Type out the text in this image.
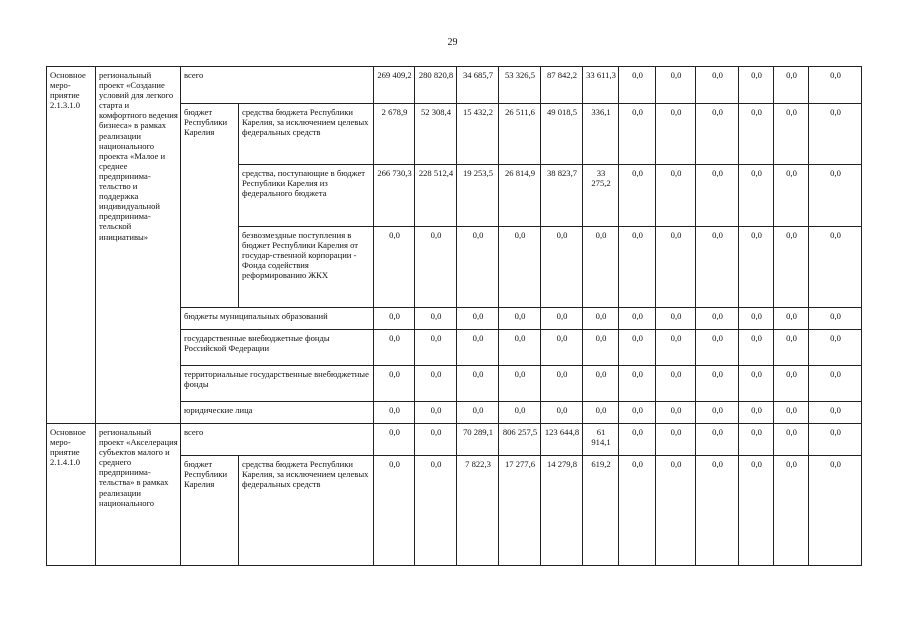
29
Основное меро-приятие 2.1.3.1.0	региональный проект «Создание условий для легкого старта и комфортного ведения бизнеса» в рамках реализации национального проекта «Малое и среднее предпринима-тельство и поддержка индивидуальной предпринима-тельской инициативы»	всего		269 409,2	280 820,8	34 685,7	53 326,5	87 842,2	33 611,3	0,0	0,0	0,0	0,0	0,0	0,0
		бюджет Республики Карелия	средства бюджета Республики Карелия, за исключением целевых федеральных средств	2 678,9	52 308,4	15 432,2	26 511,6	49 018,5	336,1	0,0	0,0	0,0	0,0	0,0	0,0
			средства, поступающие в бюджет Республики Карелия из федерального бюджета	266 730,3	228 512,4	19 253,5	26 814,9	38 823,7	33 275,2	0,0	0,0	0,0	0,0	0,0	0,0
			безвозмездные поступления в бюджет Республики Карелия от государ-ственной корпорации - Фонда содействия реформированию ЖКХ	0,0	0,0	0,0	0,0	0,0	0,0	0,0	0,0	0,0	0,0	0,0	0,0
		бюджеты муниципальных образований		0,0	0,0	0,0	0,0	0,0	0,0	0,0	0,0	0,0	0,0	0,0	0,0
		государственные внебюджетные фонды Российской Федерации		0,0	0,0	0,0	0,0	0,0	0,0	0,0	0,0	0,0	0,0	0,0	0,0
		территориальные государственные внебюджетные фонды		0,0	0,0	0,0	0,0	0,0	0,0	0,0	0,0	0,0	0,0	0,0	0,0
		юридические лица		0,0	0,0	0,0	0,0	0,0	0,0	0,0	0,0	0,0	0,0	0,0	0,0
Основное меро-приятие 2.1.4.1.0	региональный проект «Акселерация субъектов малого и среднего предпринима-тельства» в рамках реализации национального	всего		0,0	0,0	70 289,1	806 257,5	123 644,8	61 914,1	0,0	0,0	0,0	0,0	0,0	0,0
		бюджет Республики Карелия	средства бюджета Республики Карелия, за исключением целевых федеральных средств	0,0	0,0	7 822,3	17 277,6	14 279,8	619,2	0,0	0,0	0,0	0,0	0,0	0,0
